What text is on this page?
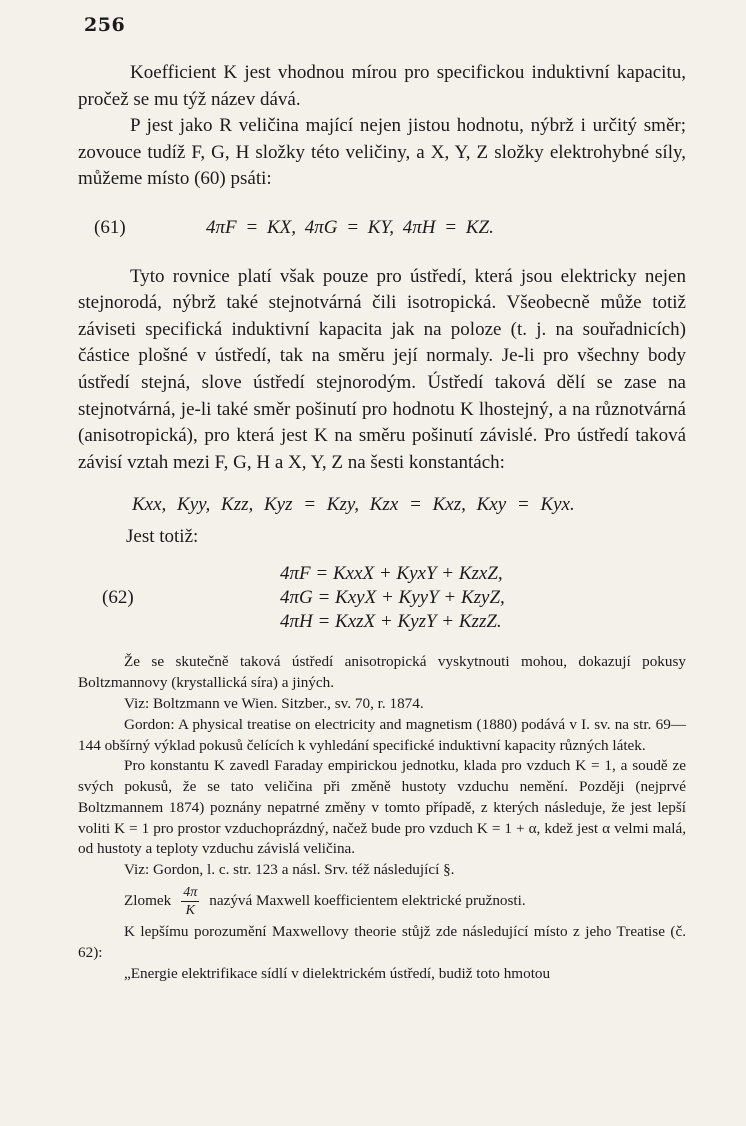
256

Koefficient K jest vhodnou mírou pro specifickou induktivní kapacitu, pročež se mu týž název dává.

P jest jako R veličina mající nejen jistou hodnotu, nýbrž i určitý směr; zovouce tudíž F, G, H složky této veličiny, a X, Y, Z složky elektrohybné síly, můžeme místo (60) psáti:

(61)	4πF = KX, 4πG = KY, 4πH = KZ.

Tyto rovnice platí však pouze pro ústředí, která jsou elektricky nejen stejnorodá, nýbrž také stejnotvárná čili isotropická. Všeobecně může totiž záviseti specifická induktivní kapacita jak na poloze (t. j. na souřadnicích) částice plošné v ústředí, tak na směru její normaly. Je-li pro všechny body ústředí stejná, slove ústředí stejnorodým. Ústředí taková dělí se zase na stejnotvárná, je-li také směr pošinutí pro hodnotu K lhostejný, a na různotvárná (anisotropická), pro která jest K na směru pošinutí závislé. Pro ústředí taková závisí vztah mezi F, G, H a X, Y, Z na šesti konstantách:

Kxx, Kyy, Kzz, Kyz = Kzy, Kzx = Kxz, Kxy = Kyx.
Jest totiž:
(62)
4πF = KxxX + KyxY + KzxZ,
4πG = KxyX + KyyY + KzyZ,
4πH = KxzX + KyzY + KzzZ.

Že se skutečně taková ústředí anisotropická vyskytnouti mohou, dokazují pokusy Boltzmannovy (krystallická síra) a jiných.

Viz: Boltzmann ve Wien. Sitzber., sv. 70, r. 1874.

Gordon: A physical treatise on electricity and magnetism (1880) podává v I. sv. na str. 69—144 obšírný výklad pokusů čelících k vyhledání specifické induktivní kapacity různých látek.

Pro konstantu K zavedl Faraday empirickou jednotku, klada pro vzduch K = 1, a soudě ze svých pokusů, že se tato veličina při změně hustoty vzduchu nemění. Později (nejprvé Boltzmannem 1874) poznány nepatrné změny v tomto případě, z kterých následuje, že jest lepší voliti K = 1 pro prostor vzduchoprázdný, načež bude pro vzduch K = 1 + α, kdež jest α velmi malá, od hustoty a teploty vzduchu závislá veličina.

Viz: Gordon, l. c. str. 123 a násl. Srv. též následující §.

Zlomek $\frac{4\pi}{K}$ nazývá Maxwell koefficientem elektrické pružnosti.

K lepšímu porozumění Maxwellovy theorie stůjž zde následující místo z jeho Treatise (č. 62):

„Energie elektrifikace sídlí v dielektrickém ústředí, budiž toto hmotou
